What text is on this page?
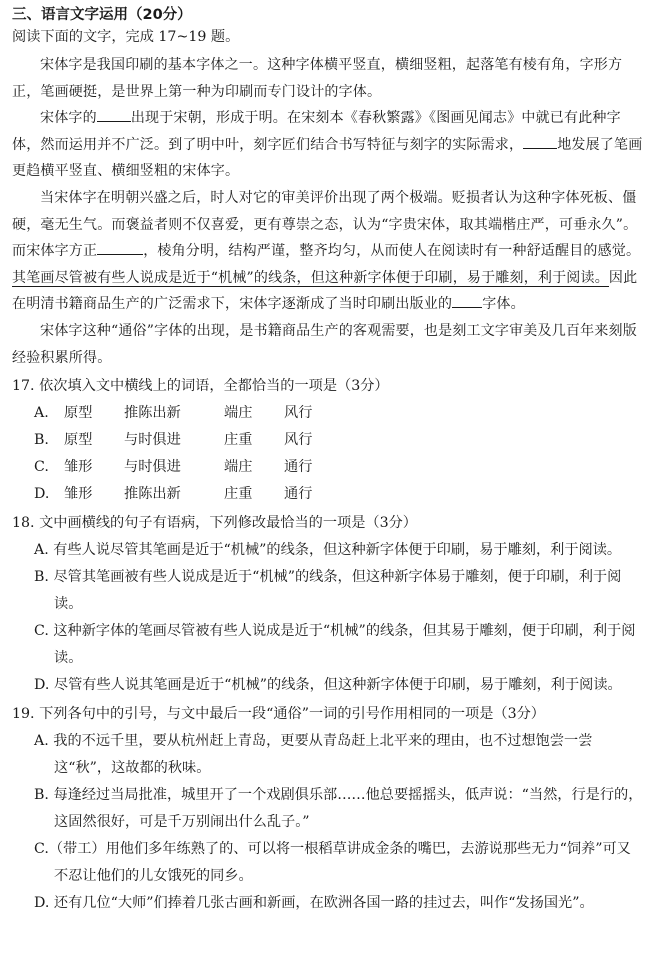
三、语言文字运用（20分）

阅读下面的文字，完成 17~19 题。

宋体字是我国印刷的基本字体之一。这种字体横平竖直，横细竖粗，起落笔有棱有角，字形方正，笔画硬挺，是世界上第一种为印刷而专门设计的字体。

宋体字的 出现于宋朝，形成于明。在宋刻本《春秋繁露》《图画见闻志》中就已有此种字体，然而运用并不广泛。到了明中叶，刻字匠们结合书写特征与刻字的实际需求， 地发展了笔画更趋横平竖直、横细竖粗的宋体字。

当宋体字在明朝兴盛之后，时人对它的审美评价出现了两个极端。贬损者认为这种字体死板、僵硬，毫无生气。而褒益者则不仅喜爱，更有尊崇之态，认为“字贵宋体，取其端楷庄严，可垂永久”。而宋体字方正	，棱角分明，结构严谨，整齐均匀，从而使人在阅读时有一种舒适醒目的感觉。其笔画尽管被有些人说成是近于“机械”的线条，但这种新字体便于印刷，易于雕刻，利于阅读。因此在明清书籍商品生产的广泛需求下，宋体字逐渐成了当时印刷出版业的 字体。

宋体字这种“通俗”字体的出现，是书籍商品生产的客观需要，也是刻工文字审美及几百年来刻版经验积累所得。

17. 依次填入文中横线上的词语，全都恰当的一项是（3分）

A.	原型	推陈出新	端庄	风行
B.	原型	与时俱进	庄重	风行
C.	雏形	与时俱进	端庄	通行
D.	雏形	推陈出新	庄重	通行

18. 文中画横线的句子有语病，下列修改最恰当的一项是（3分）

A. 有些人说尽管其笔画是近于“机械”的线条，但这种新字体便于印刷，易于雕刻，利于阅读。

B. 尽管其笔画被有些人说成是近于“机械”的线条，但这种新字体易于雕刻，便于印刷，利于阅读。

C. 这种新字体的笔画尽管被有些人说成是近于“机械”的线条，但其易于雕刻，便于印刷，利于阅读。

D. 尽管有些人说其笔画是近于“机械”的线条，但这种新字体便于印刷，易于雕刻，利于阅读。

19. 下列各句中的引号，与文中最后一段“通俗”一词的引号作用相同的一项是（3分）

A. 我的不远千里，要从杭州赶上青岛，更要从青岛赶上北平来的理由，也不过想饱尝一尝这“秋”，这故都的秋味。

B. 每逢经过当局批准，城里开了一个戏剧俱乐部……他总要摇摇头，低声说：“当然，行是行的，这固然很好，可是千万别闹出什么乱子。”

C.（带工）用他们多年练熟了的、可以将一根稻草讲成金条的嘴巴，去游说那些无力“饲养”可又不忍让他们的儿女饿死的同乡。

D. 还有几位“大师”们捧着几张古画和新画，在欧洲各国一路的挂过去，叫作“发扬国光”。
